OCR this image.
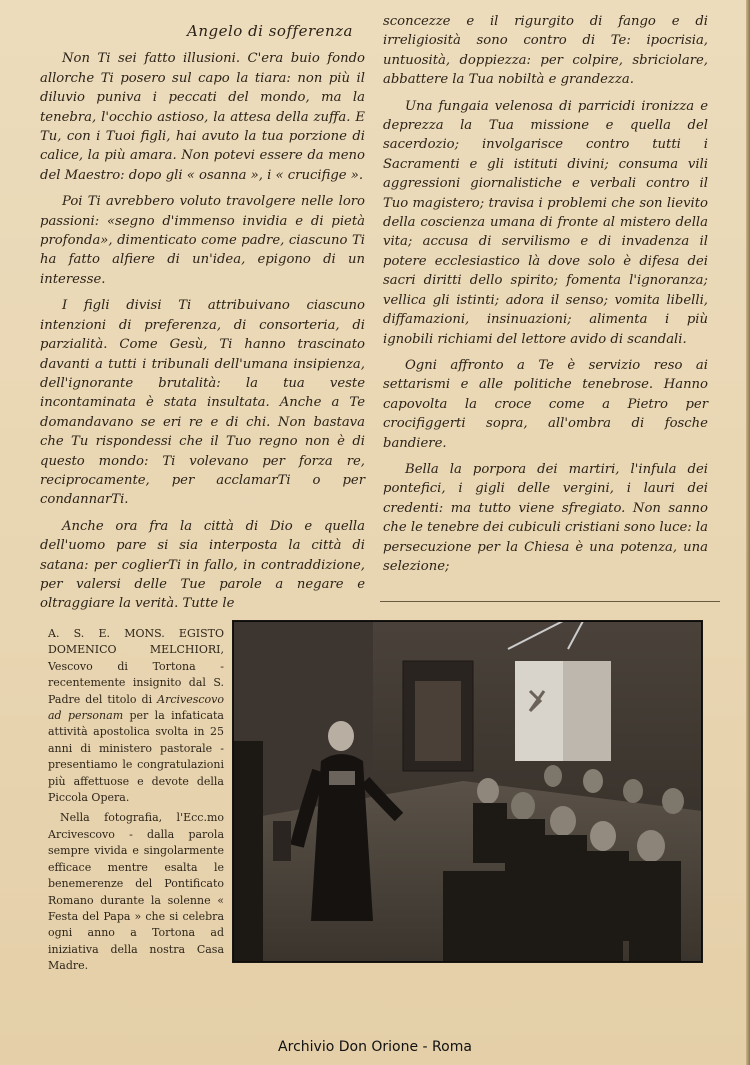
Angelo di sofferenza

Non Ti sei fatto illusioni. C'era buio fondo allorche Ti posero sul capo la tiara: non più il diluvio puniva i peccati del mondo, ma la tenebra, l'occhio astioso, la attesa della zuffa. E Tu, con i Tuoi figli, hai avuto la tua porzione di calice, la più amara. Non potevi essere da meno del Maestro: dopo gli « osanna », i « crucifige ».

Poi Ti avrebbero voluto travolgere nelle loro passioni: «segno d'immenso invidia e di pietà profonda», dimenticato come padre, ciascuno Ti ha fatto alfiere di un'idea, epigono di un interesse.

I figli divisi Ti attribuivano ciascuno intenzioni di preferenza, di consorteria, di parzialità. Come Gesù, Ti hanno trascinato davanti a tutti i tribunali dell'umana insipienza, dell'ignorante brutalità: la tua veste incontaminata è stata insultata. Anche a Te domandavano se eri re e di chi. Non bastava che Tu rispondessi che il Tuo regno non è di questo mondo: Ti volevano per forza re, reciprocamente, per acclamarTi o per condannarTi.

Anche ora fra la città di Dio e quella dell'uomo pare si sia interposta la città di satana: per coglierTi in fallo, in contraddizione, per valersi delle Tue parole a negare e oltraggiare la verità. Tutte le

sconcezze e il rigurgito di fango e di irreligiosità sono contro di Te: ipocrisia, untuosità, doppiezza: per colpire, sbriciolare, abbattere la Tua nobiltà e grandezza.

Una fungaia velenosa di parricidi ironizza e deprezza la Tua missione e quella del sacerdozio; involgarisce contro tutti i Sacramenti e gli istituti divini; consuma vili aggressioni giornalistiche e verbali contro il Tuo magistero; travisa i problemi che son lievito della coscienza umana di fronte al mistero della vita; accusa di servilismo e di invadenza il potere ecclesiastico là dove solo è difesa dei sacri diritti dello spirito; fomenta l'ignoranza; vellica gli istinti; adora il senso; vomita libelli, diffamazioni, insinuazioni; alimenta i più ignobili richiami del lettore avido di scandali.

Ogni affronto a Te è servizio reso ai settarismi e alle politiche tenebrose. Hanno capovolta la croce come a Pietro per crocifiggerti sopra, all'ombra di fosche bandiere.

Bella la porpora dei martiri, l'infula dei pontefici, i gigli delle vergini, i lauri dei credenti: ma tutto viene sfregiato. Non sanno che le tenebre dei cubiculi cristiani sono luce: la persecuzione per la Chiesa è una potenza, una selezione;

A. S. E. MONS. EGISTO DOMENICO MELCHIORI, Vescovo di Tortona - recentemente insignito dal S. Padre del titolo di Arcivescovo ad personam per la infaticata attività apostolica svolta in 25 anni di ministero pastorale - presentiamo le congratulazioni più affettuose e devote della Piccola Opera.

Nella fotografia, l'Ecc.mo Arcivescovo - dalla parola sempre vivida e singolarmente efficace mentre esalta le benemerenze del Pontificato Romano durante la solenne « Festa del Papa » che si celebra ogni anno a Tortona ad iniziativa della nostra Casa Madre.

Archivio Don Orione - Roma
